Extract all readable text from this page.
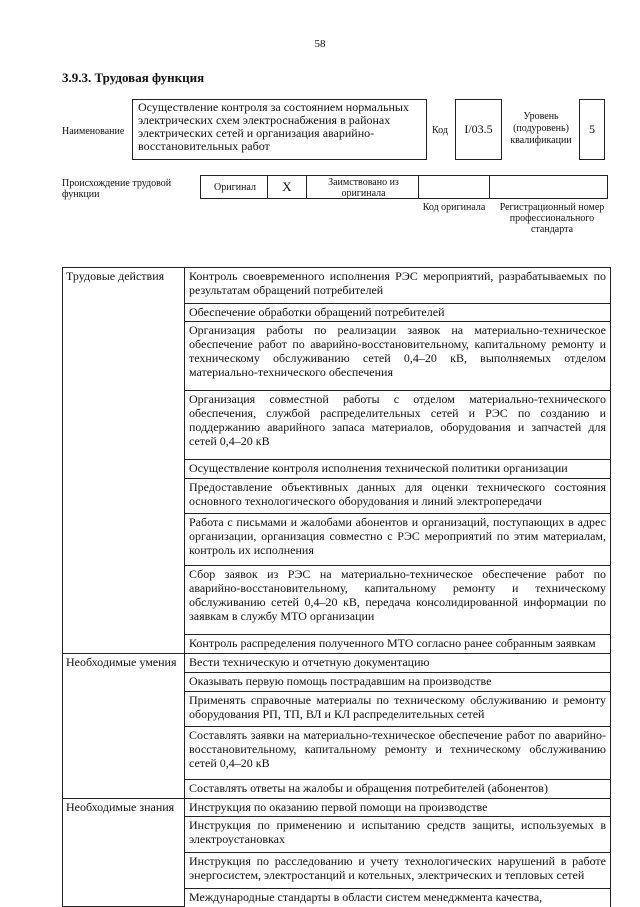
58
3.9.3. Трудовая функция
Наименование
Осуществление контроля за состоянием нормальных электрических схем электроснабжения в районах электрических сетей и организация аварийно-восстановительных работ
Код	I/03.5
Уровень (подуровень) квалификации
5
Происхождение трудовой функции
Оригинал	X	Заимствовано из оригинала
Код оригинала	Регистрационный номер профессионального стандарта
Трудовые действия	Контроль своевременного исполнения РЭС мероприятий, разрабатываемых по результатам обращений потребителей
	Обеспечение обработки обращений потребителей
	Организация работы по реализации заявок на материально-техническое обеспечение работ по аварийно-восстановительному, капитальному ремонту и техническому обслуживанию сетей 0,4–20 кВ, выполняемых отделом материально-технического обеспечения
	Организация совместной работы с отделом материально-технического обеспечения, службой распределительных сетей и РЭС по созданию и поддержанию аварийного запаса материалов, оборудования и запчастей для сетей 0,4–20 кВ
	Осуществление контроля исполнения технической политики организации
	Предоставление объективных данных для оценки технического состояния основного технологического оборудования и линий электропередачи
	Работа с письмами и жалобами абонентов и организаций, поступающих в адрес организации, организация совместно с РЭС мероприятий по этим материалам, контроль их исполнения
	Сбор заявок из РЭС на материально-техническое обеспечение работ по аварийно-восстановительному, капитальному ремонту и техническому обслуживанию сетей 0,4–20 кВ, передача консолидированной информации по заявкам в службу МТО организации
	Контроль распределения полученного МТО согласно ранее собранным заявкам
Необходимые умения	Вести техническую и отчетную документацию
	Оказывать первую помощь пострадавшим на производстве
	Применять справочные материалы по техническому обслуживанию и ремонту оборудования РП, ТП, ВЛ и КЛ распределительных сетей
	Составлять заявки на материально-техническое обеспечение работ по аварийно-восстановительному, капитальному ремонту и техническому обслуживанию сетей 0,4–20 кВ
	Составлять ответы на жалобы и обращения потребителей (абонентов)
Необходимые знания	Инструкция по оказанию первой помощи на производстве
	Инструкция по применению и испытанию средств защиты, используемых в электроустановках
	Инструкция по расследованию и учету технологических нарушений в работе энергосистем, электростанций и котельных, электрических и тепловых сетей
	Международные стандарты в области систем менеджмента качества,
